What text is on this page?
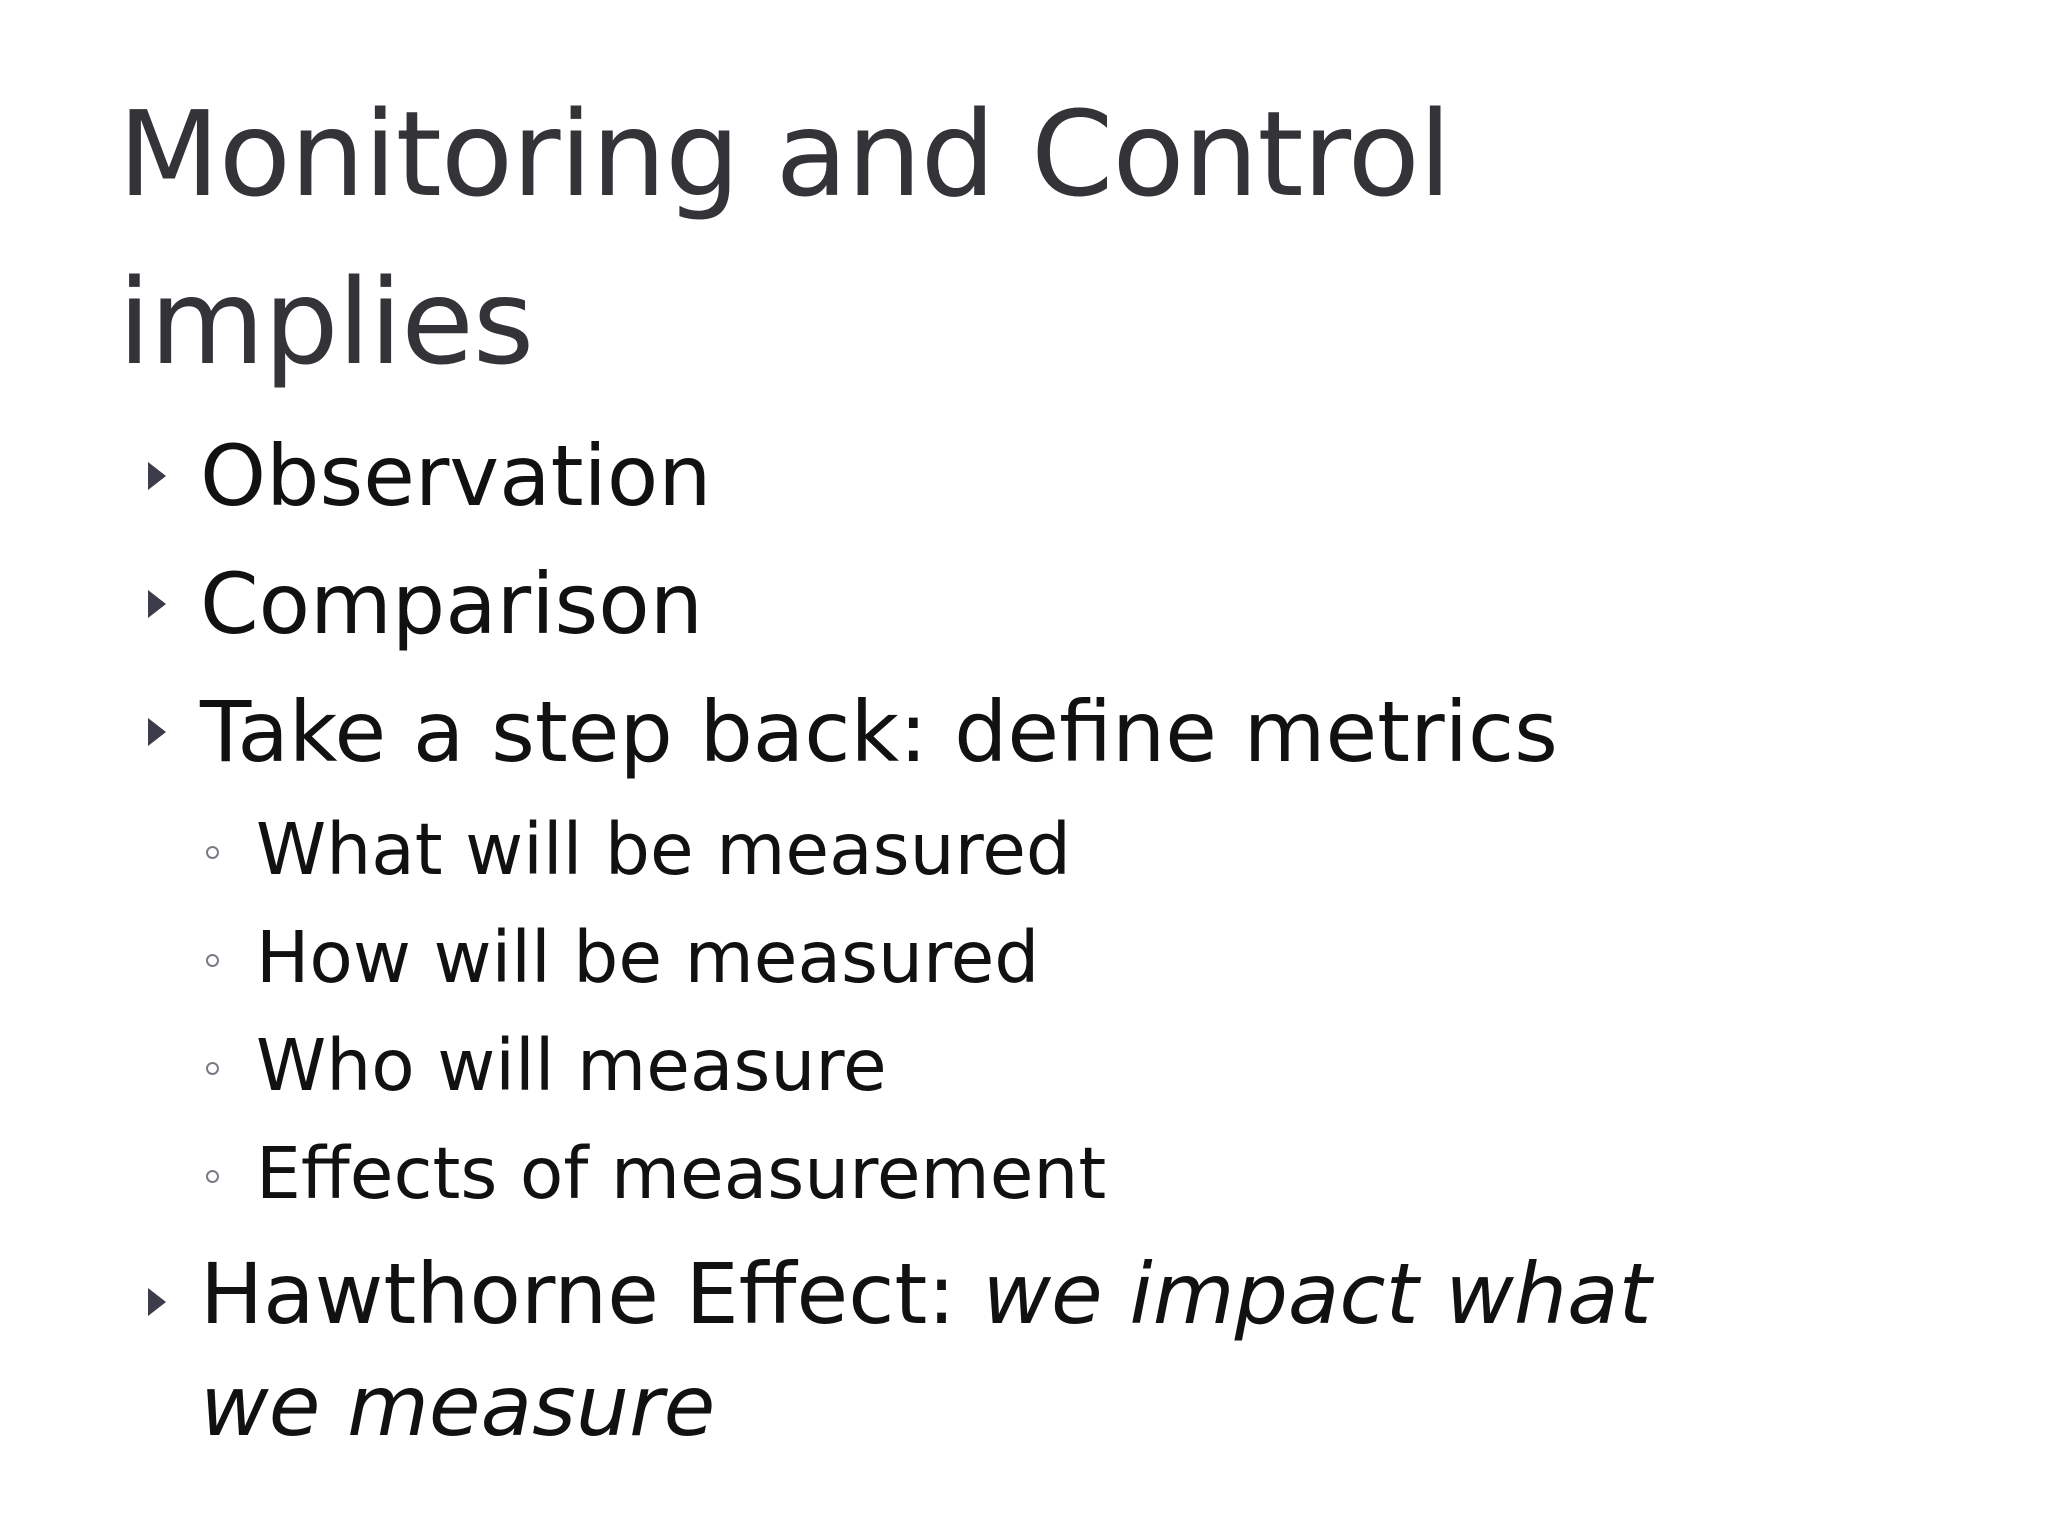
Monitoring and Control implies
Observation
Comparison
Take a step back: define metrics
What will be measured
How will be measured
Who will measure
Effects of measurement
Hawthorne Effect: we impact what we measure
